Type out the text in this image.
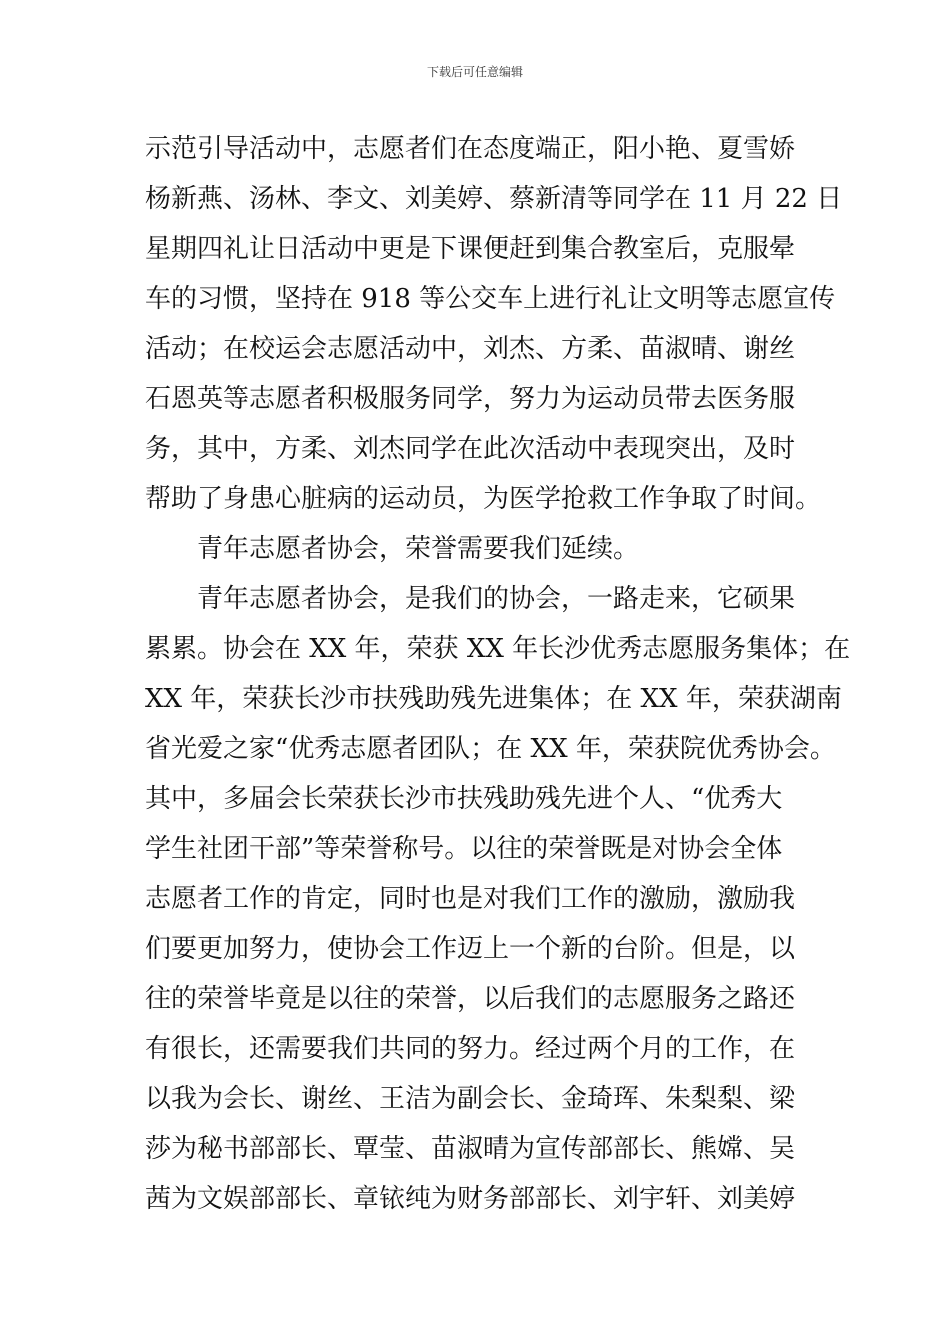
下载后可任意编辑
示范引导活动中，志愿者们在态度端正，阳小艳、夏雪娇
杨新燕、汤林、李文、刘美婷、蔡新清等同学在 11 月 22 日
星期四礼让日活动中更是下课便赶到集合教室后，克服晕
车的习惯，坚持在 918 等公交车上进行礼让文明等志愿宣传
活动；在校运会志愿活动中，刘杰、方柔、苗淑晴、谢丝
石恩英等志愿者积极服务同学，努力为运动员带去医务服
务，其中，方柔、刘杰同学在此次活动中表现突出，及时
帮助了身患心脏病的运动员，为医学抢救工作争取了时间。
青年志愿者协会，荣誉需要我们延续。
青年志愿者协会，是我们的协会，一路走来，它硕果
累累。协会在 XX 年，荣获 XX 年长沙优秀志愿服务集体；在
XX 年，荣获长沙市扶残助残先进集体；在 XX 年，荣获湖南
省光爱之家“优秀志愿者团队；在 XX 年，荣获院优秀协会。
其中，多届会长荣获长沙市扶残助残先进个人、“优秀大
学生社团干部”等荣誉称号。以往的荣誉既是对协会全体
志愿者工作的肯定，同时也是对我们工作的激励，激励我
们要更加努力，使协会工作迈上一个新的台阶。但是，以
往的荣誉毕竟是以往的荣誉，以后我们的志愿服务之路还
有很长，还需要我们共同的努力。经过两个月的工作，在
以我为会长、谢丝、王洁为副会长、金琦珲、朱梨梨、梁
莎为秘书部部长、覃莹、苗淑晴为宣传部部长、熊嫦、吴
茜为文娱部部长、章铱纯为财务部部长、刘宇轩、刘美婷
